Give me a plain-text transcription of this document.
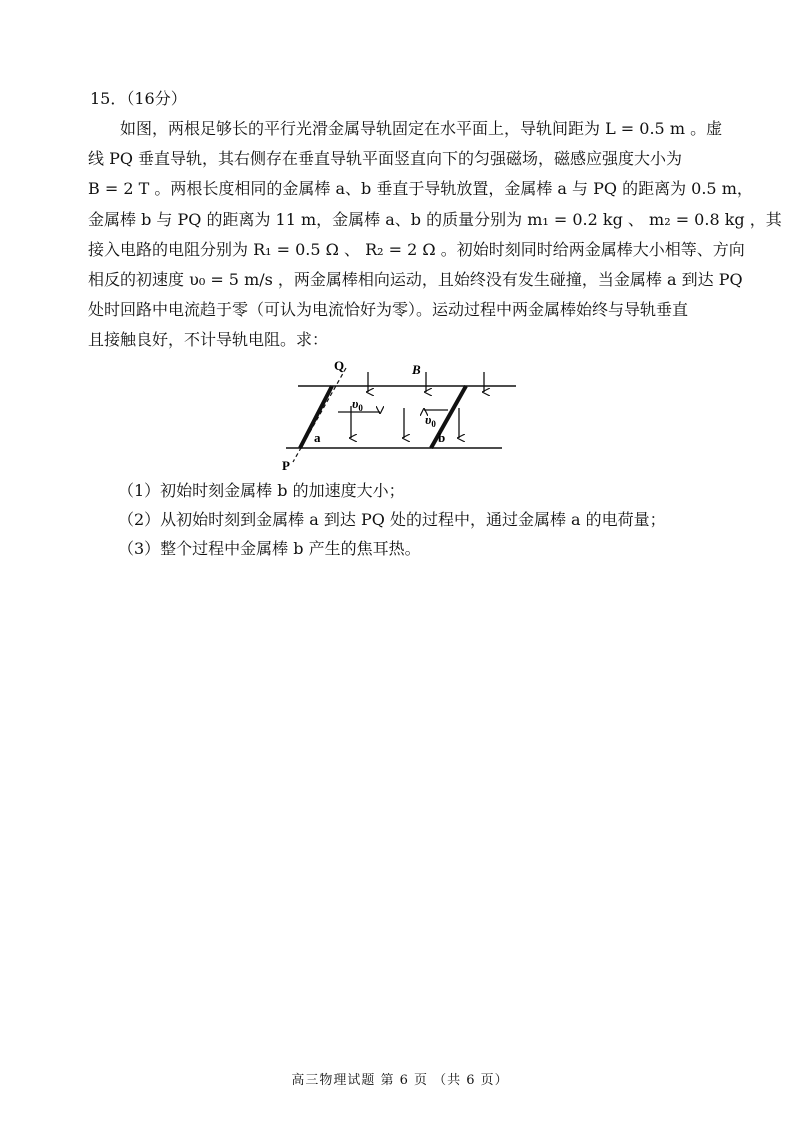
15．（16分）
如图，两根足够长的平行光滑金属导轨固定在水平面上，导轨间距为 L = 0.5 m 。虚
线 PQ 垂直导轨，其右侧存在垂直导轨平面竖直向下的匀强磁场，磁感应强度大小为
B = 2 T 。两根长度相同的金属棒 a、b 垂直于导轨放置，金属棒 a 与 PQ 的距离为 0.5 m，
金属棒 b 与 PQ 的距离为 11 m，金属棒 a、b 的质量分别为 m₁ = 0.2 kg 、 m₂ = 0.8 kg ，其
接入电路的电阻分别为 R₁ = 0.5 Ω 、 R₂ = 2 Ω 。初始时刻同时给两金属棒大小相等、方向
相反的初速度 υ₀ = 5 m/s ，两金属棒相向运动，且始终没有发生碰撞，当金属棒 a 到达 PQ
处时回路中电流趋于零（可认为电流恰好为零）。运动过程中两金属棒始终与导轨垂直
且接触良好，不计导轨电阻。求：
Q
P
B
a	b
$\upsilon_0$
$\upsilon_0$
（1）初始时刻金属棒 b 的加速度大小；
（2）从初始时刻到金属棒 a 到达 PQ 处的过程中，通过金属棒 a 的电荷量；
（3）整个过程中金属棒 b 产生的焦耳热。
高三物理试题 第 6 页 （共 6 页）
